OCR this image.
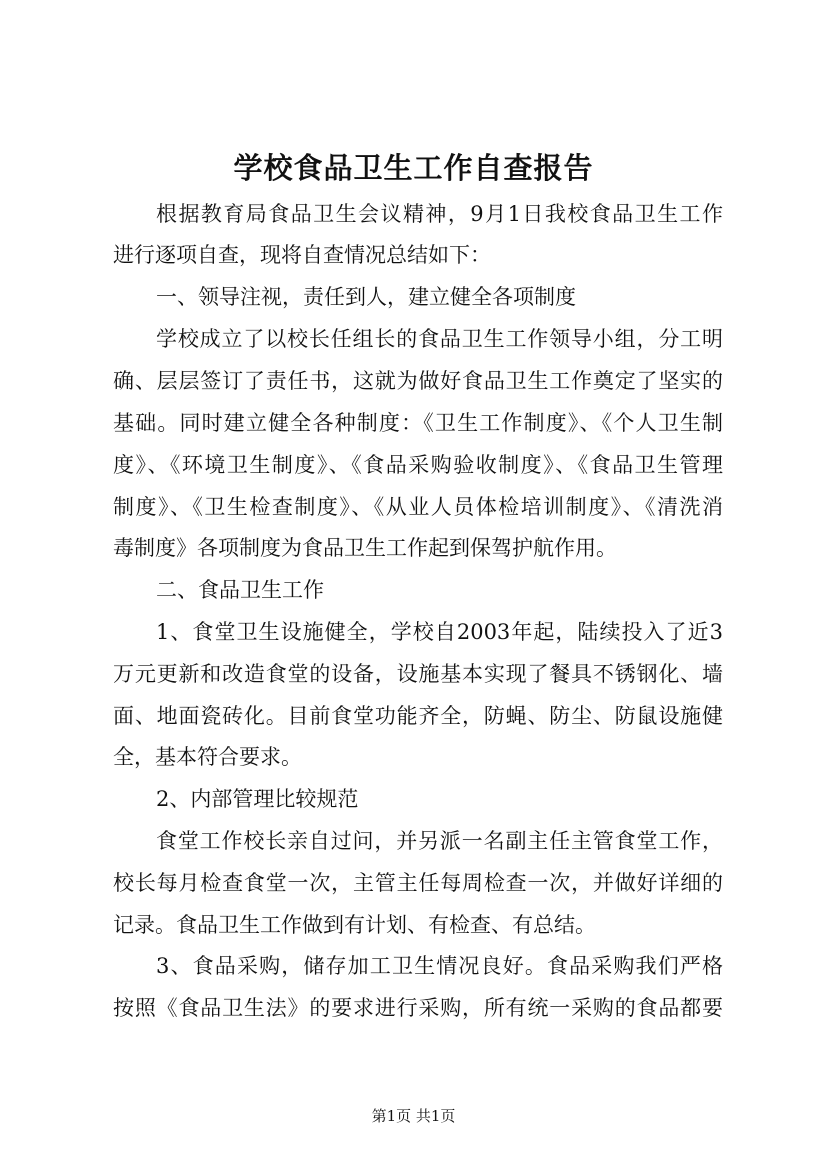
学校食品卫生工作自查报告
根据教育局食品卫生会议精神，9月1日我校食品卫生工作
进行逐项自查，现将自查情况总结如下：
一、领导注视，责任到人，建立健全各项制度
学校成立了以校长任组长的食品卫生工作领导小组，分工明
确、层层签订了责任书，这就为做好食品卫生工作奠定了坚实的
基础。同时建立健全各种制度：《卫生工作制度》、《个人卫生制
度》、《环境卫生制度》、《食品采购验收制度》、《食品卫生管理
制度》、《卫生检查制度》、《从业人员体检培训制度》、《清洗消
毒制度》各项制度为食品卫生工作起到保驾护航作用。
二、食品卫生工作
1、食堂卫生设施健全，学校自2003年起，陆续投入了近3
万元更新和改造食堂的设备，设施基本实现了餐具不锈钢化、墙
面、地面瓷砖化。目前食堂功能齐全，防蝇、防尘、防鼠设施健
全，基本符合要求。
2、内部管理比较规范
食堂工作校长亲自过问，并另派一名副主任主管食堂工作，
校长每月检查食堂一次，主管主任每周检查一次，并做好详细的
记录。食品卫生工作做到有计划、有检查、有总结。
3、食品采购，储存加工卫生情况良好。食品采购我们严格
按照《食品卫生法》的要求进行采购，所有统一采购的食品都要
第1页 共1页
